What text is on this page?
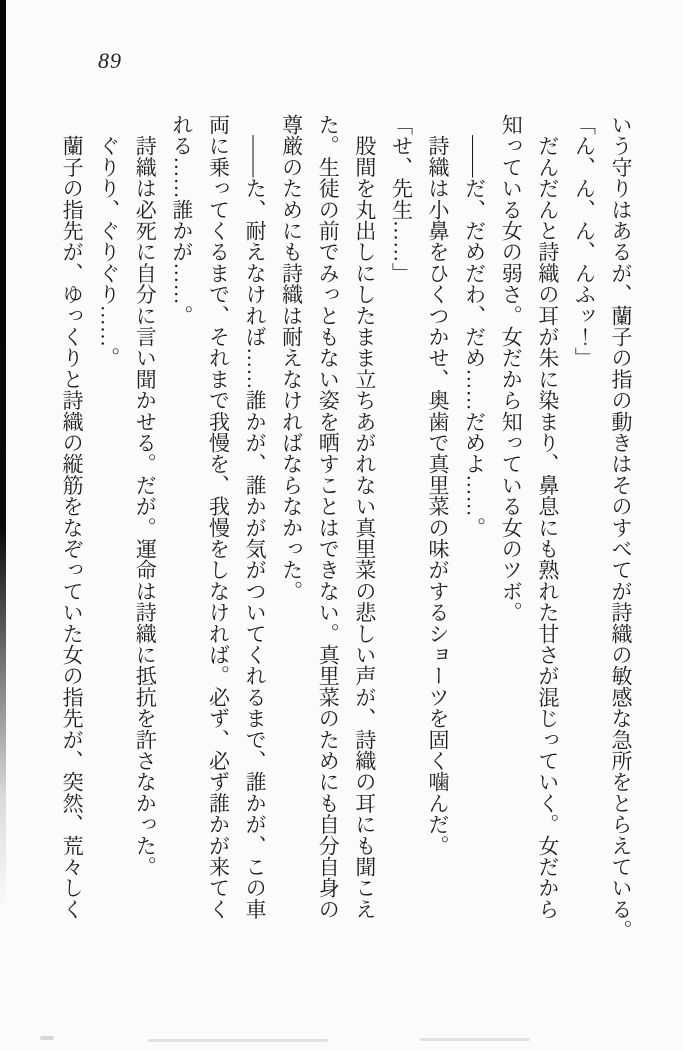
89

いう守りはあるが、蘭子の指の動きはそのすべてが詩織の敏感な急所をとらえている。

「ん、ん、ん、んふッ！」

　だんだんと詩織の耳が朱に染まり、鼻息にも熟れた甘さが混じっていく。女だから

知っている女の弱さ。女だから知っている女のツボ。

　――だ、だめだわ、だめ……だめよ……。

　詩織は小鼻をひくつかせ、奥歯で真里菜の味がするショーツを固く噛んだ。

「せ、先生……」

　股間を丸出しにしたまま立ちあがれない真里菜の悲しい声が、詩織の耳にも聞こえ

た。生徒の前でみっともない姿を晒すことはできない。真里菜のためにも自分自身の

尊厳のためにも詩織は耐えなければならなかった。

　――た、耐えなければ……誰かが、誰かが気がついてくれるまで、誰かが、この車

両に乗ってくるまで、それまで我慢を、我慢をしなければ。必ず、必ず誰かが来てく

れる……誰かが……。

　詩織は必死に自分に言い聞かせる。だが。運命は詩織に抵抗を許さなかった。

　ぐりり、ぐりぐり……。

　蘭子の指先が、ゆっくりと詩織の縦筋をなぞっていた女の指先が、突然、荒々しく
